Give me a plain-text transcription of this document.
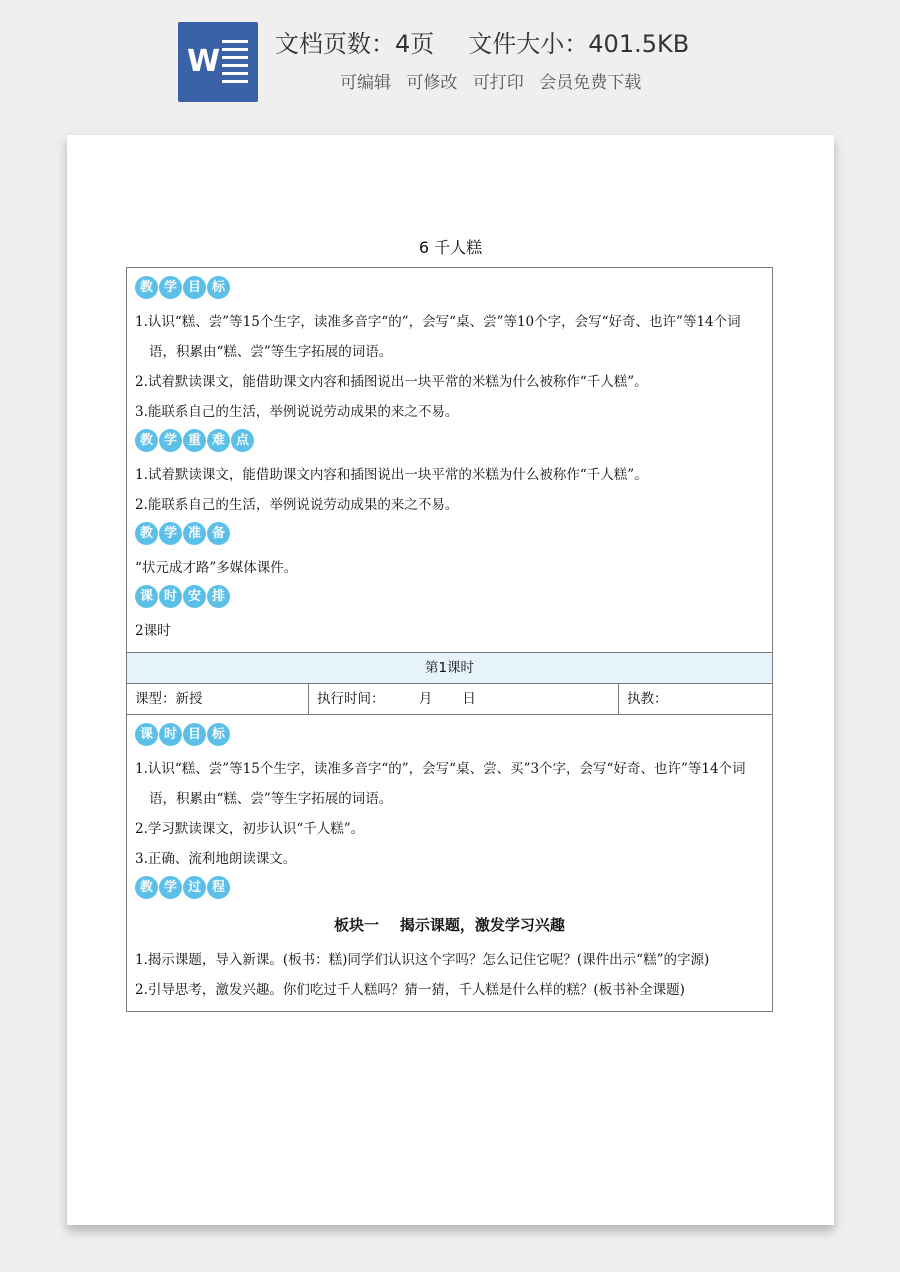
W 文档页数：4页 文件大小：401.5KB
可编辑 可修改 可打印 会员免费下载
6 千人糕
教 学 目 标
1.认识“糕、尝”等15个生字，读准多音字“的”，会写“桌、尝”等10个字，会写“好奇、也许”等14个词语，积累由“糕、尝”等生字拓展的词语。
2.试着默读课文，能借助课文内容和插图说出一块平常的米糕为什么被称作“千人糕”。
3.能联系自己的生活，举例说说劳动成果的来之不易。
教 学 重 难 点
1.试着默读课文，能借助课文内容和插图说出一块平常的米糕为什么被称作“千人糕”。
2.能联系自己的生活，举例说说劳动成果的来之不易。
教 学 准 备
“状元成才路”多媒体课件。
课 时 安 排
2课时
第1课时
课型：新授	执行时间：        月       日	执教：
课 时 目 标
1.认识“糕、尝”等15个生字，读准多音字“的”，会写“桌、尝、买”3个字，会写“好奇、也许”等14个词语，积累由“糕、尝”等生字拓展的词语。
2.学习默读课文，初步认识“千人糕”。
3.正确、流利地朗读课文。
教 学 过 程
板块一    揭示课题，激发学习兴趣
1.揭示课题，导入新课。(板书：糕)同学们认识这个字吗？怎么记住它呢？(课件出示“糕”的字源)
2.引导思考，激发兴趣。你们吃过千人糕吗？猜一猜，千人糕是什么样的糕？(板书补全课题)
